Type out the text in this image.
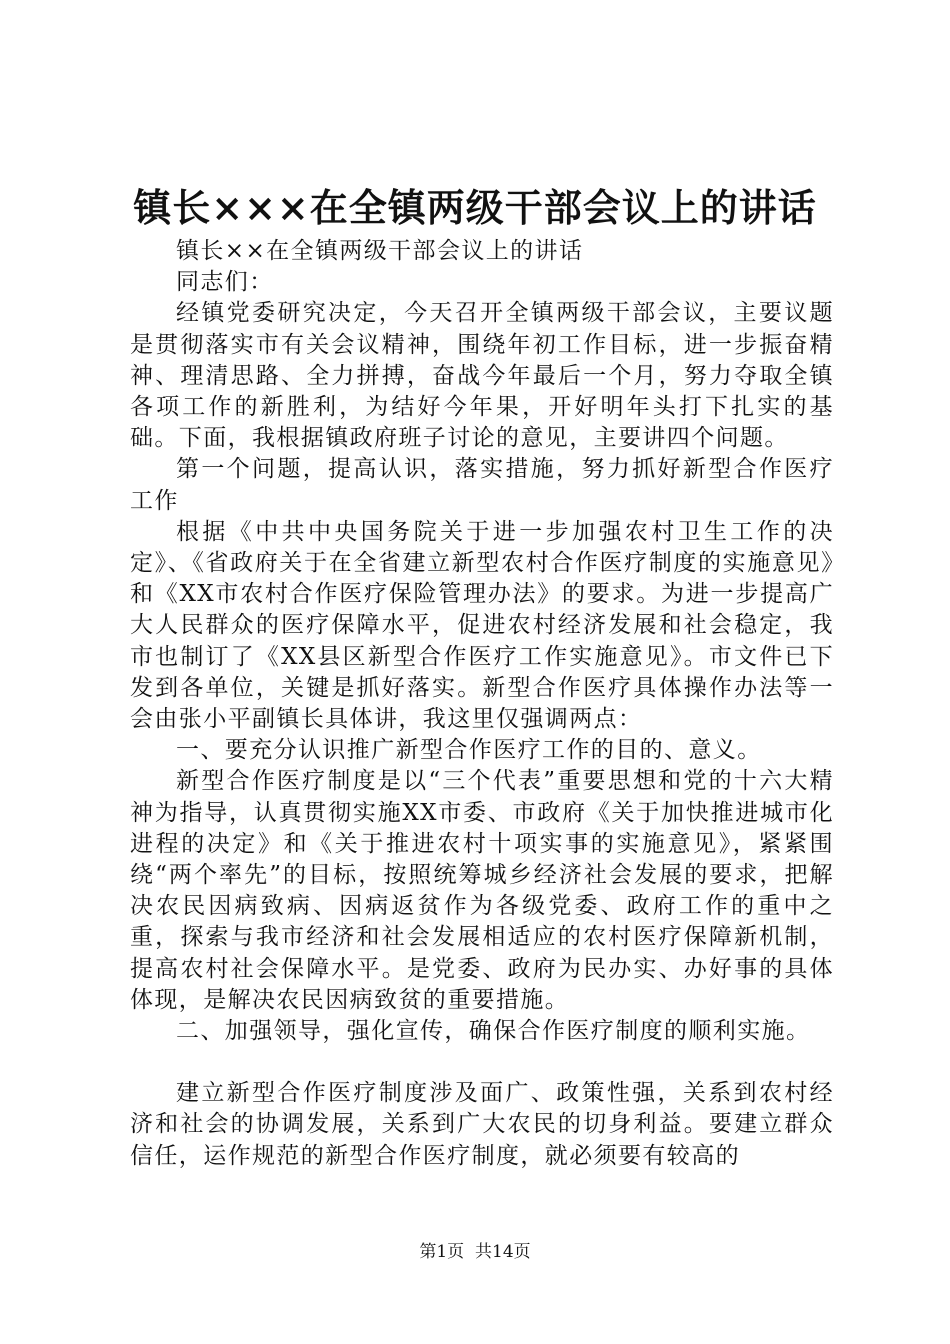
镇长×××在全镇两级干部会议上的讲话

镇长××在全镇两级干部会议上的讲话

同志们：

经镇党委研究决定，今天召开全镇两级干部会议，主要议题是贯彻落实市有关会议精神，围绕年初工作目标，进一步振奋精神、理清思路、全力拼搏，奋战今年最后一个月，努力夺取全镇各项工作的新胜利，为结好今年果，开好明年头打下扎实的基础。下面，我根据镇政府班子讨论的意见，主要讲四个问题。

第一个问题，提高认识，落实措施，努力抓好新型合作医疗工作

根据《中共中央国务院关于进一步加强农村卫生工作的决定》、《省政府关于在全省建立新型农村合作医疗制度的实施意见》和《XX市农村合作医疗保险管理办法》的要求。为进一步提高广大人民群众的医疗保障水平，促进农村经济发展和社会稳定，我市也制订了《XX县区新型合作医疗工作实施意见》。市文件已下发到各单位，关键是抓好落实。新型合作医疗具体操作办法等一会由张小平副镇长具体讲，我这里仅强调两点：

一、要充分认识推广新型合作医疗工作的目的、意义。

新型合作医疗制度是以“三个代表”重要思想和党的十六大精神为指导，认真贯彻实施XX市委、市政府《关于加快推进城市化进程的决定》和《关于推进农村十项实事的实施意见》，紧紧围绕“两个率先”的目标，按照统筹城乡经济社会发展的要求，把解决农民因病致病、因病返贫作为各级党委、政府工作的重中之重，探索与我市经济和社会发展相适应的农村医疗保障新机制，提高农村社会保障水平。是党委、政府为民办实、办好事的具体体现，是解决农民因病致贫的重要措施。

二、加强领导，强化宣传，确保合作医疗制度的顺利实施。

建立新型合作医疗制度涉及面广、政策性强，关系到农村经济和社会的协调发展，关系到广大农民的切身利益。要建立群众信任，运作规范的新型合作医疗制度，就必须要有较高的

第1页 共14页
